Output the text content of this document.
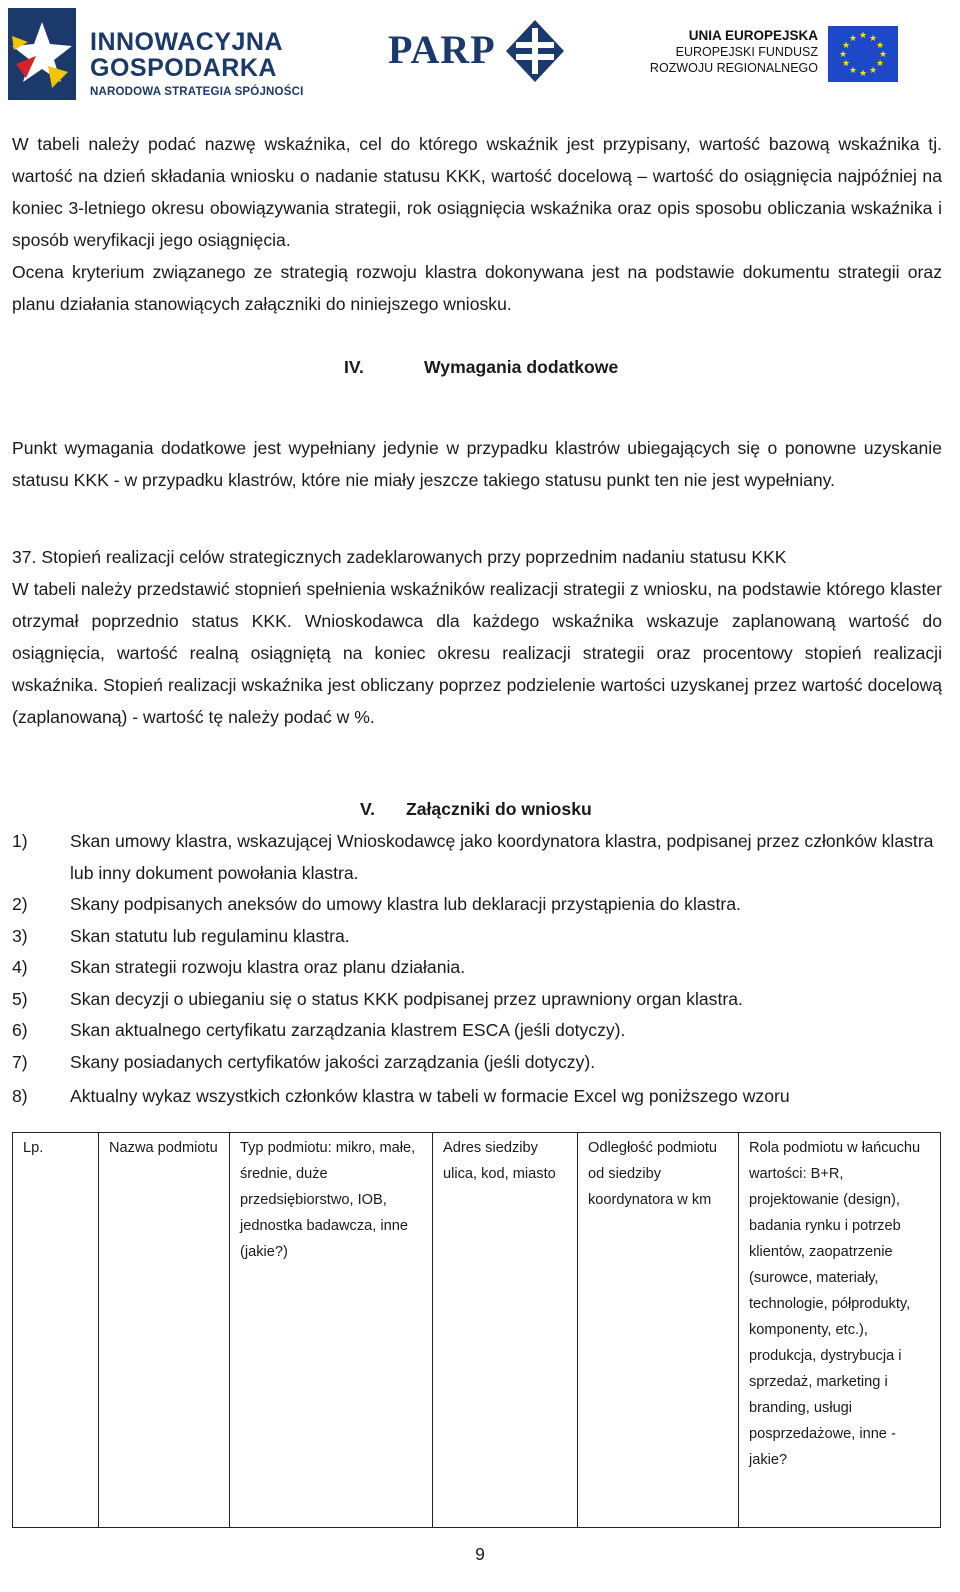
INNOWACYJNA
GOSPODARKA
NARODOWA STRATEGIA SPÓJNOŚCI
PARP	UNIA EUROPEJSKA
EUROPEJSKI FUNDUSZ
ROZWOJU REGIONALNEGO
★ ★
★
★
★
★
★
★
★
★
★
★

W tabeli należy podać nazwę wskaźnika, cel do którego wskaźnik jest przypisany, wartość bazową wskaźnika tj. wartość na dzień składania wniosku o nadanie statusu KKK, wartość docelową – wartość do osiągnięcia najpóźniej na koniec 3-letniego okresu obowiązywania strategii, rok osiągnięcia wskaźnika oraz opis sposobu obliczania wskaźnika i sposób weryfikacji jego osiągnięcia.

Ocena kryterium związanego ze strategią rozwoju klastra dokonywana jest na podstawie dokumentu strategii oraz planu działania stanowiących załączniki do niniejszego wniosku.

IV.	Wymagania dodatkowe

Punkt wymagania dodatkowe jest wypełniany jedynie w przypadku klastrów ubiegających się o ponowne uzyskanie statusu KKK - w przypadku klastrów, które nie miały jeszcze takiego statusu punkt ten nie jest wypełniany.

37. Stopień realizacji celów strategicznych zadeklarowanych przy poprzednim nadaniu statusu KKK

W tabeli należy przedstawić stopnień spełnienia wskaźników realizacji strategii z wniosku, na podstawie którego klaster otrzymał poprzednio status KKK. Wnioskodawca dla każdego wskaźnika wskazuje zaplanowaną wartość do osiągnięcia, wartość realną osiągniętą na koniec okresu realizacji strategii oraz procentowy stopień realizacji wskaźnika. Stopień realizacji wskaźnika jest obliczany poprzez podzielenie wartości uzyskanej przez wartość docelową (zaplanowaną) - wartość tę należy podać w %.

V. Załączniki do wniosku
1) Skan umowy klastra, wskazującej Wnioskodawcę jako koordynatora klastra, podpisanej przez członków klastra lub inny dokument powołania klastra.
2) Skany podpisanych aneksów do umowy klastra lub deklaracji przystąpienia do klastra.
3) Skan statutu lub regulaminu klastra.
4) Skan strategii rozwoju klastra oraz planu działania.
5) Skan decyzji o ubieganiu się o status KKK podpisanej przez uprawniony organ klastra.
6) Skan aktualnego certyfikatu zarządzania klastrem ESCA (jeśli dotyczy).
7) Skany posiadanych certyfikatów jakości zarządzania (jeśli dotyczy).
8) Aktualny wykaz wszystkich członków klastra w tabeli w formacie Excel wg poniższego wzoru
Lp.	Nazwa podmiotu	Typ podmiotu: mikro, małe, średnie, duże przedsiębiorstwo, IOB, jednostka badawcza, inne (jakie?)	Adres siedziby ulica, kod, miasto	Odległość podmiotu od siedziby koordynatora w km	Rola podmiotu w łańcuchu wartości: B+R, projektowanie (design), badania rynku i potrzeb klientów, zaopatrzenie (surowce, materiały, technologie, półprodukty, komponenty, etc.), produkcja, dystrybucja i sprzedaż, marketing i branding, usługi posprzedażowe, inne - jakie?
9
